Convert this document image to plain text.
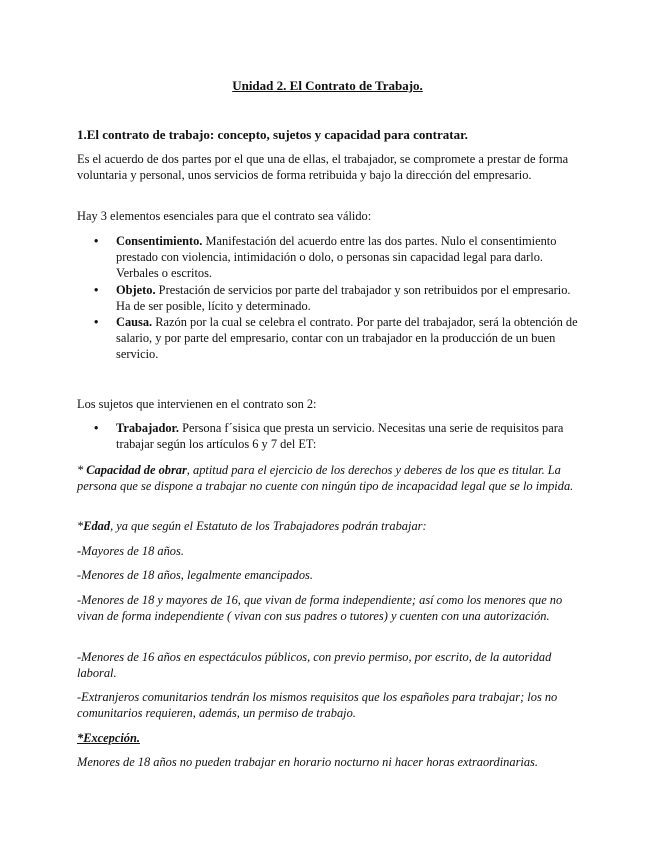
Unidad 2. El Contrato de Trabajo.
1.El contrato de trabajo: concepto, sujetos y capacidad para contratar.

Es el acuerdo de dos partes por el que una de ellas, el trabajador, se compromete a prestar de forma voluntaria y personal, unos servicios de forma retribuida y bajo la dirección del empresario.

Hay 3 elementos esenciales para que el contrato sea válido:

• Consentimiento. Manifestación del acuerdo entre las dos partes. Nulo el consentimiento prestado con violencia, intimidación o dolo, o personas sin capacidad legal para darlo. Verbales o escritos.
• Objeto. Prestación de servicios por parte del trabajador y son retribuidos por el empresario. Ha de ser posible, lícito y determinado.
• Causa. Razón por la cual se celebra el contrato. Por parte del trabajador, será la obtención de salario, y por parte del empresario, contar con un trabajador en la producción de un buen servicio.

Los sujetos que intervienen en el contrato son 2:

• Trabajador. Persona f´sisica que presta un servicio. Necesitas una serie de requisitos para trabajar según los artículos 6 y 7 del ET:

* Capacidad de obrar, aptitud para el ejercicio de los derechos y deberes de los que es titular. La persona que se dispone a trabajar no cuente con ningún tipo de incapacidad legal que se lo impida.

*Edad, ya que según el Estatuto de los Trabajadores podrán trabajar:

-Mayores de 18 años.

-Menores de 18 años, legalmente emancipados.

-Menores de 18 y mayores de 16, que vivan de forma independiente; así como los menores que no vivan de forma independiente ( vivan con sus padres o tutores) y cuenten con una autorización.

-Menores de 16 años en espectáculos públicos, con previo permiso, por escrito, de la autoridad laboral.

-Extranjeros comunitarios tendrán los mismos requisitos que los españoles para trabajar; los no comunitarios requieren, además, un permiso de trabajo.

*Excepción.

Menores de 18 años no pueden trabajar en horario nocturno ni hacer horas extraordinarias.
